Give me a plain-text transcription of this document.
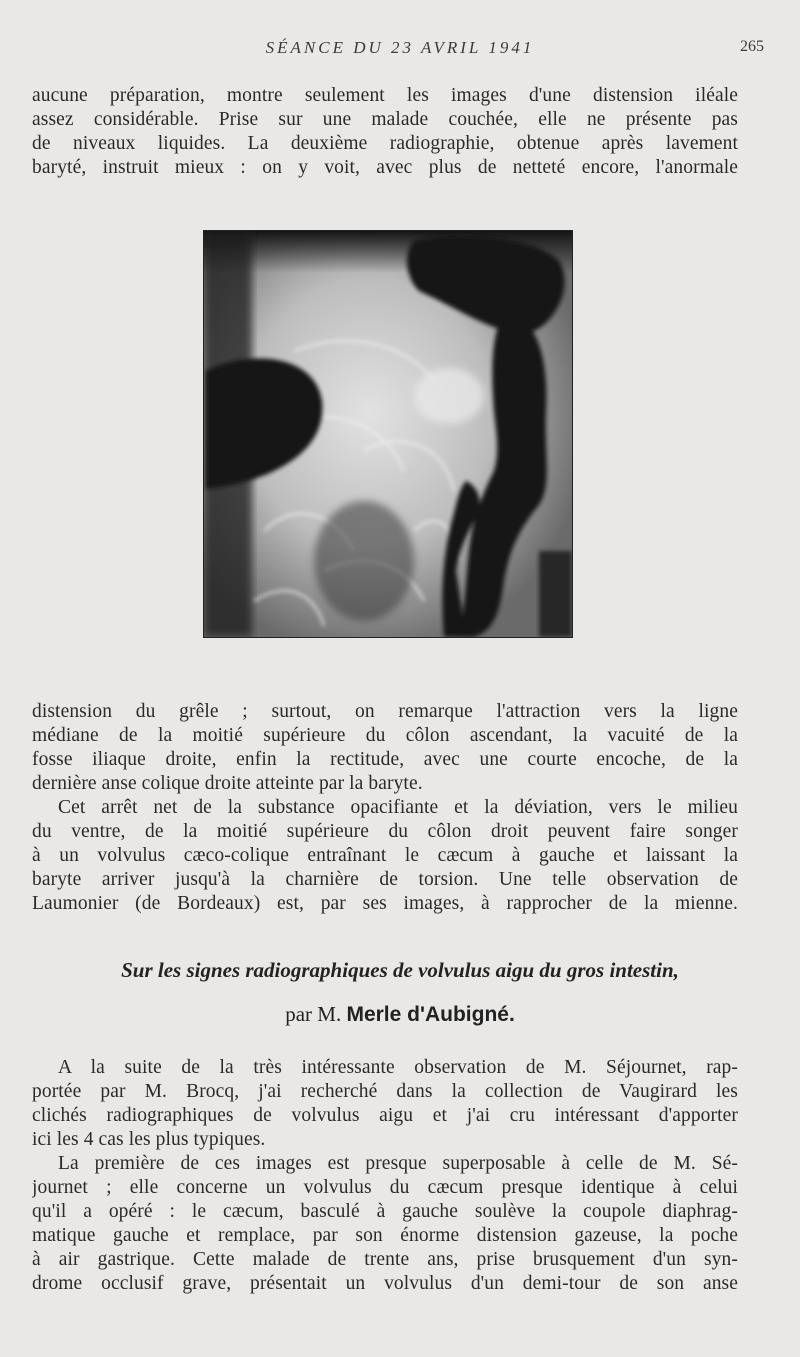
SÉANCE DU 23 AVRIL 1941	265
aucune préparation, montre seulement les images d'une distension iléale
assez considérable. Prise sur une malade couchée, elle ne présente pas
de niveaux liquides. La deuxième radiographie, obtenue après lavement
baryté, instruit mieux : on y voit, avec plus de netteté encore, l'anormale
distension du grêle ; surtout, on remarque l'attraction vers la ligne
médiane de la moitié supérieure du côlon ascendant, la vacuité de la
fosse iliaque droite, enfin la rectitude, avec une courte encoche, de la
dernière anse colique droite atteinte par la baryte.
Cet arrêt net de la substance opacifiante et la déviation, vers le milieu
du ventre, de la moitié supérieure du côlon droit peuvent faire songer
à un volvulus cæco-colique entraînant le cæcum à gauche et laissant la
baryte arriver jusqu'à la charnière de torsion. Une telle observation de
Laumonier (de Bordeaux) est, par ses images, à rapprocher de la mienne.
Sur les signes radiographiques de volvulus aigu du gros intestin,
par M. Merle d'Aubigné.
A la suite de la très intéressante observation de M. Séjournet, rap-
portée par M. Brocq, j'ai recherché dans la collection de Vaugirard les
clichés radiographiques de volvulus aigu et j'ai cru intéressant d'apporter
ici les 4 cas les plus typiques.
La première de ces images est presque superposable à celle de M. Sé-
journet ; elle concerne un volvulus du cæcum presque identique à celui
qu'il a opéré : le cæcum, basculé à gauche soulève la coupole diaphrag-
matique gauche et remplace, par son énorme distension gazeuse, la poche
à air gastrique. Cette malade de trente ans, prise brusquement d'un syn-
drome occlusif grave, présentait un volvulus d'un demi-tour de son anse
